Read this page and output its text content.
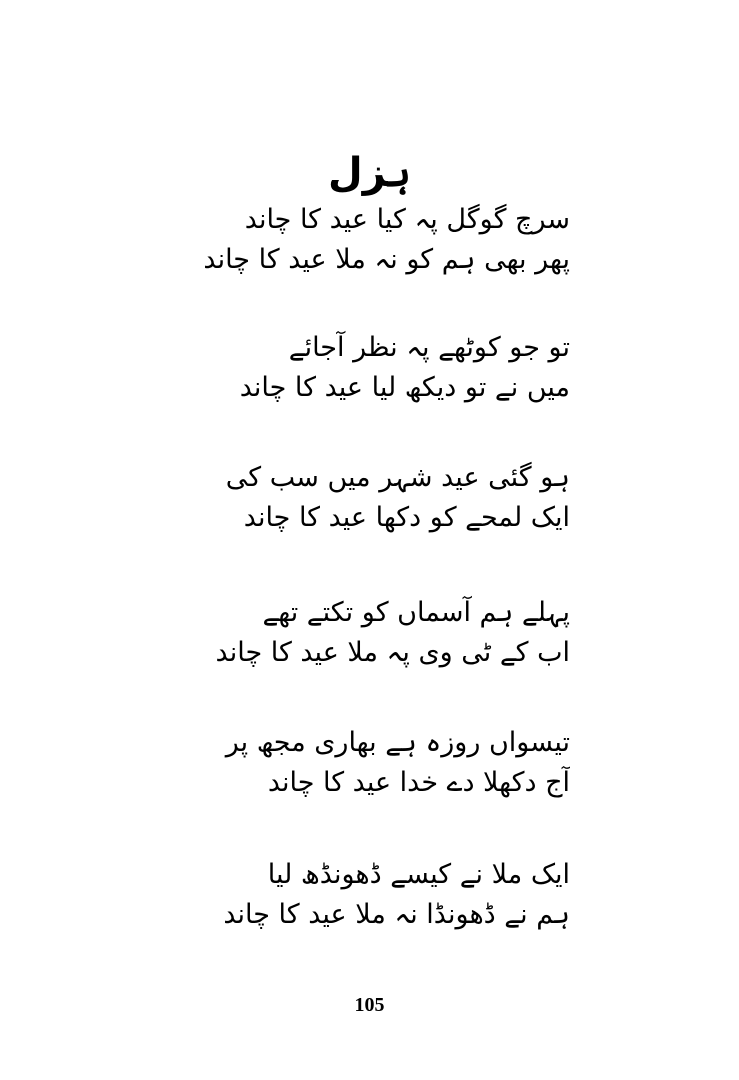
ہزل
سرچ گوگل پہ کیا عید کا چاند
پھر بھی ہم کو نہ ملا عید کا چاند
تو جو کوٹھے پہ نظر آجائے
میں نے تو دیکھ لیا عید کا چاند
ہو گئی عید شہر میں سب کی
ایک لمحے کو دکھا عید کا چاند
پہلے ہم آسماں کو تکتے تھے
اب کے ٹی وی پہ ملا عید کا چاند
تیسواں روزہ ہے بھاری مجھ پر
آج دکھلا دے خدا عید کا چاند
ایک ملا نے کیسے ڈھونڈھ لیا
ہم نے ڈھونڈا نہ ملا عید کا چاند
105
